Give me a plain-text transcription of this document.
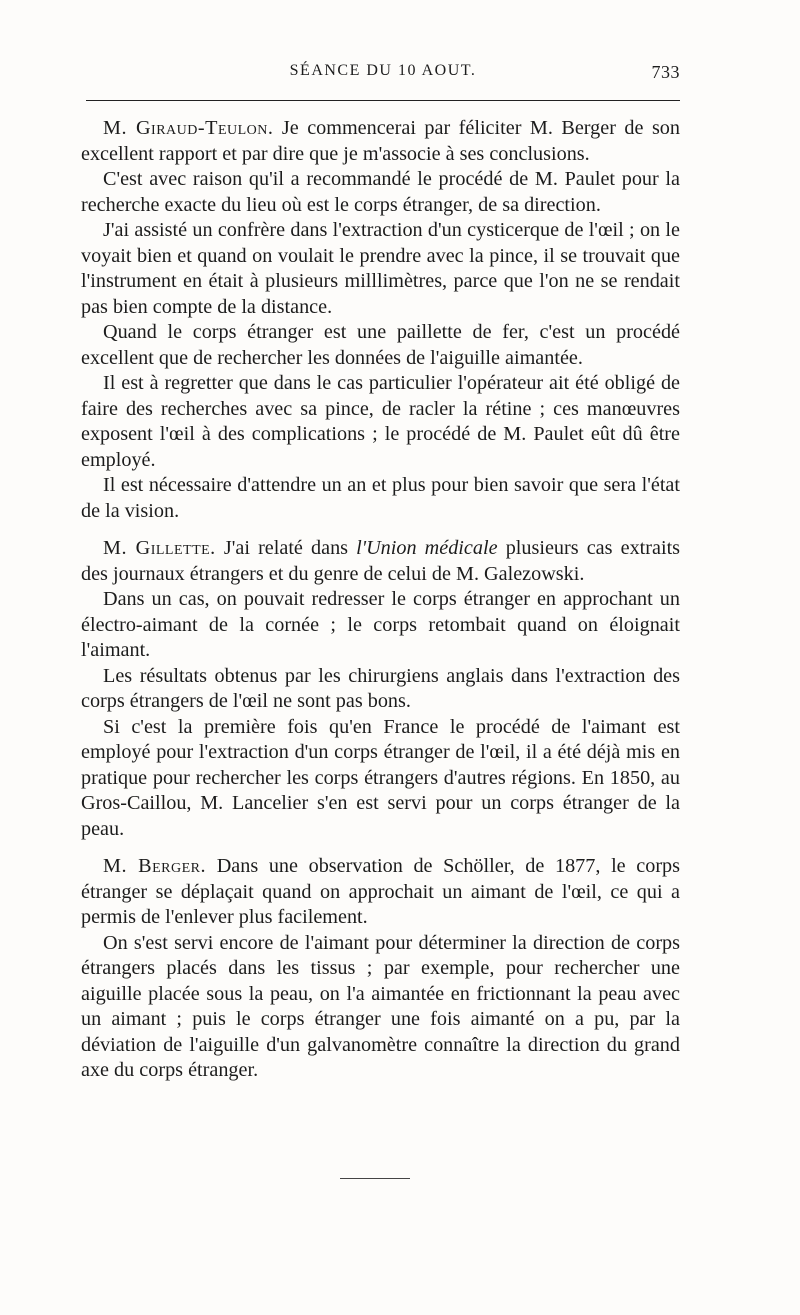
SÉANCE DU 10 AOUT.	733

M. Giraud-Teulon. Je commencerai par féliciter M. Berger de son excellent rapport et par dire que je m'associe à ses conclusions.

C'est avec raison qu'il a recommandé le procédé de M. Paulet pour la recherche exacte du lieu où est le corps étranger, de sa direction.

J'ai assisté un confrère dans l'extraction d'un cysticerque de l'œil ; on le voyait bien et quand on voulait le prendre avec la pince, il se trouvait que l'instrument en était à plusieurs milllimètres, parce que l'on ne se rendait pas bien compte de la distance.

Quand le corps étranger est une paillette de fer, c'est un procédé excellent que de rechercher les données de l'aiguille aimantée.

Il est à regretter que dans le cas particulier l'opérateur ait été obligé de faire des recherches avec sa pince, de racler la rétine ; ces manœuvres exposent l'œil à des complications ; le procédé de M. Paulet eût dû être employé.

Il est nécessaire d'attendre un an et plus pour bien savoir que sera l'état de la vision.

M. Gillette. J'ai relaté dans l'Union médicale plusieurs cas extraits des journaux étrangers et du genre de celui de M. Galezowski.

Dans un cas, on pouvait redresser le corps étranger en approchant un électro-aimant de la cornée ; le corps retombait quand on éloignait l'aimant.

Les résultats obtenus par les chirurgiens anglais dans l'extraction des corps étrangers de l'œil ne sont pas bons.

Si c'est la première fois qu'en France le procédé de l'aimant est employé pour l'extraction d'un corps étranger de l'œil, il a été déjà mis en pratique pour rechercher les corps étrangers d'autres régions. En 1850, au Gros-Caillou, M. Lancelier s'en est servi pour un corps étranger de la peau.

M. Berger. Dans une observation de Schöller, de 1877, le corps étranger se déplaçait quand on approchait un aimant de l'œil, ce qui a permis de l'enlever plus facilement.

On s'est servi encore de l'aimant pour déterminer la direction de corps étrangers placés dans les tissus ; par exemple, pour rechercher une aiguille placée sous la peau, on l'a aimantée en frictionnant la peau avec un aimant ; puis le corps étranger une fois aimanté on a pu, par la déviation de l'aiguille d'un galvanomètre connaître la direction du grand axe du corps étranger.
